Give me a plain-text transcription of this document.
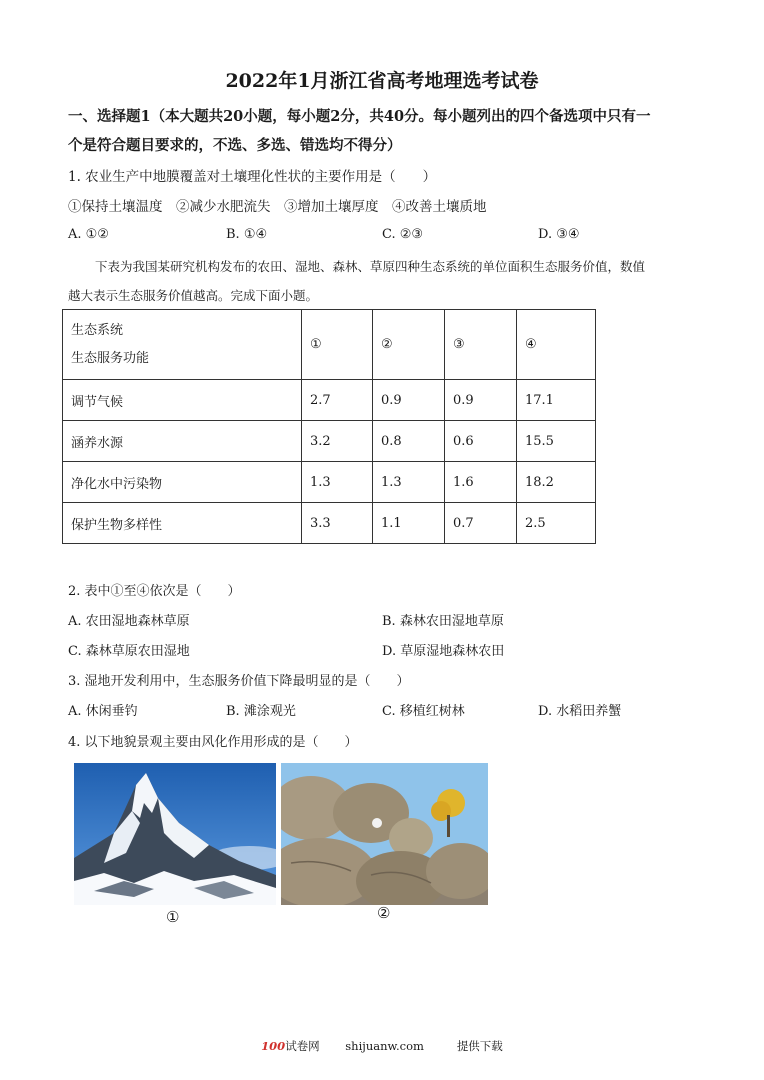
2022年1月浙江省高考地理选考试卷
一、选择题1（本大题共20小题，每小题2分，共40分。每小题列出的四个备选项中只有一
个是符合题目要求的，不选、多选、错选均不得分）
1. 农业生产中地膜覆盖对土壤理化性状的主要作用是（　　）
①保持土壤温度　②减少水肥流失　③增加土壤厚度　④改善土壤质地
A. ①②	B. ①④	C. ②③	D. ③④
下表为我国某研究机构发布的农田、湿地、森林、草原四种生态系统的单位面积生态服务价值，数值
越大表示生态服务价值越高。完成下面小题。
生态系统
生态服务功能	①	②	③	④
调节气候	2.7	0.9	0.9	17.1
涵养水源	3.2	0.8	0.6	15.5
净化水中污染物	1.3	1.3	1.6	18.2
保护生物多样性	3.3	1.1	0.7	2.5
2. 表中①至④依次是（　　）
A. 农田湿地森林草原	B. 森林农田湿地草原
C. 森林草原农田湿地	D. 草原湿地森林农田
3. 湿地开发利用中，生态服务价值下降最明显的是（　　）
A. 休闲垂钓	B. 滩涂观光	C. 移植红树林	D. 水稻田养蟹
4. 以下地貌景观主要由风化作用形成的是（　　）
①	②
100试卷网 shijuanw.com	提供下载
